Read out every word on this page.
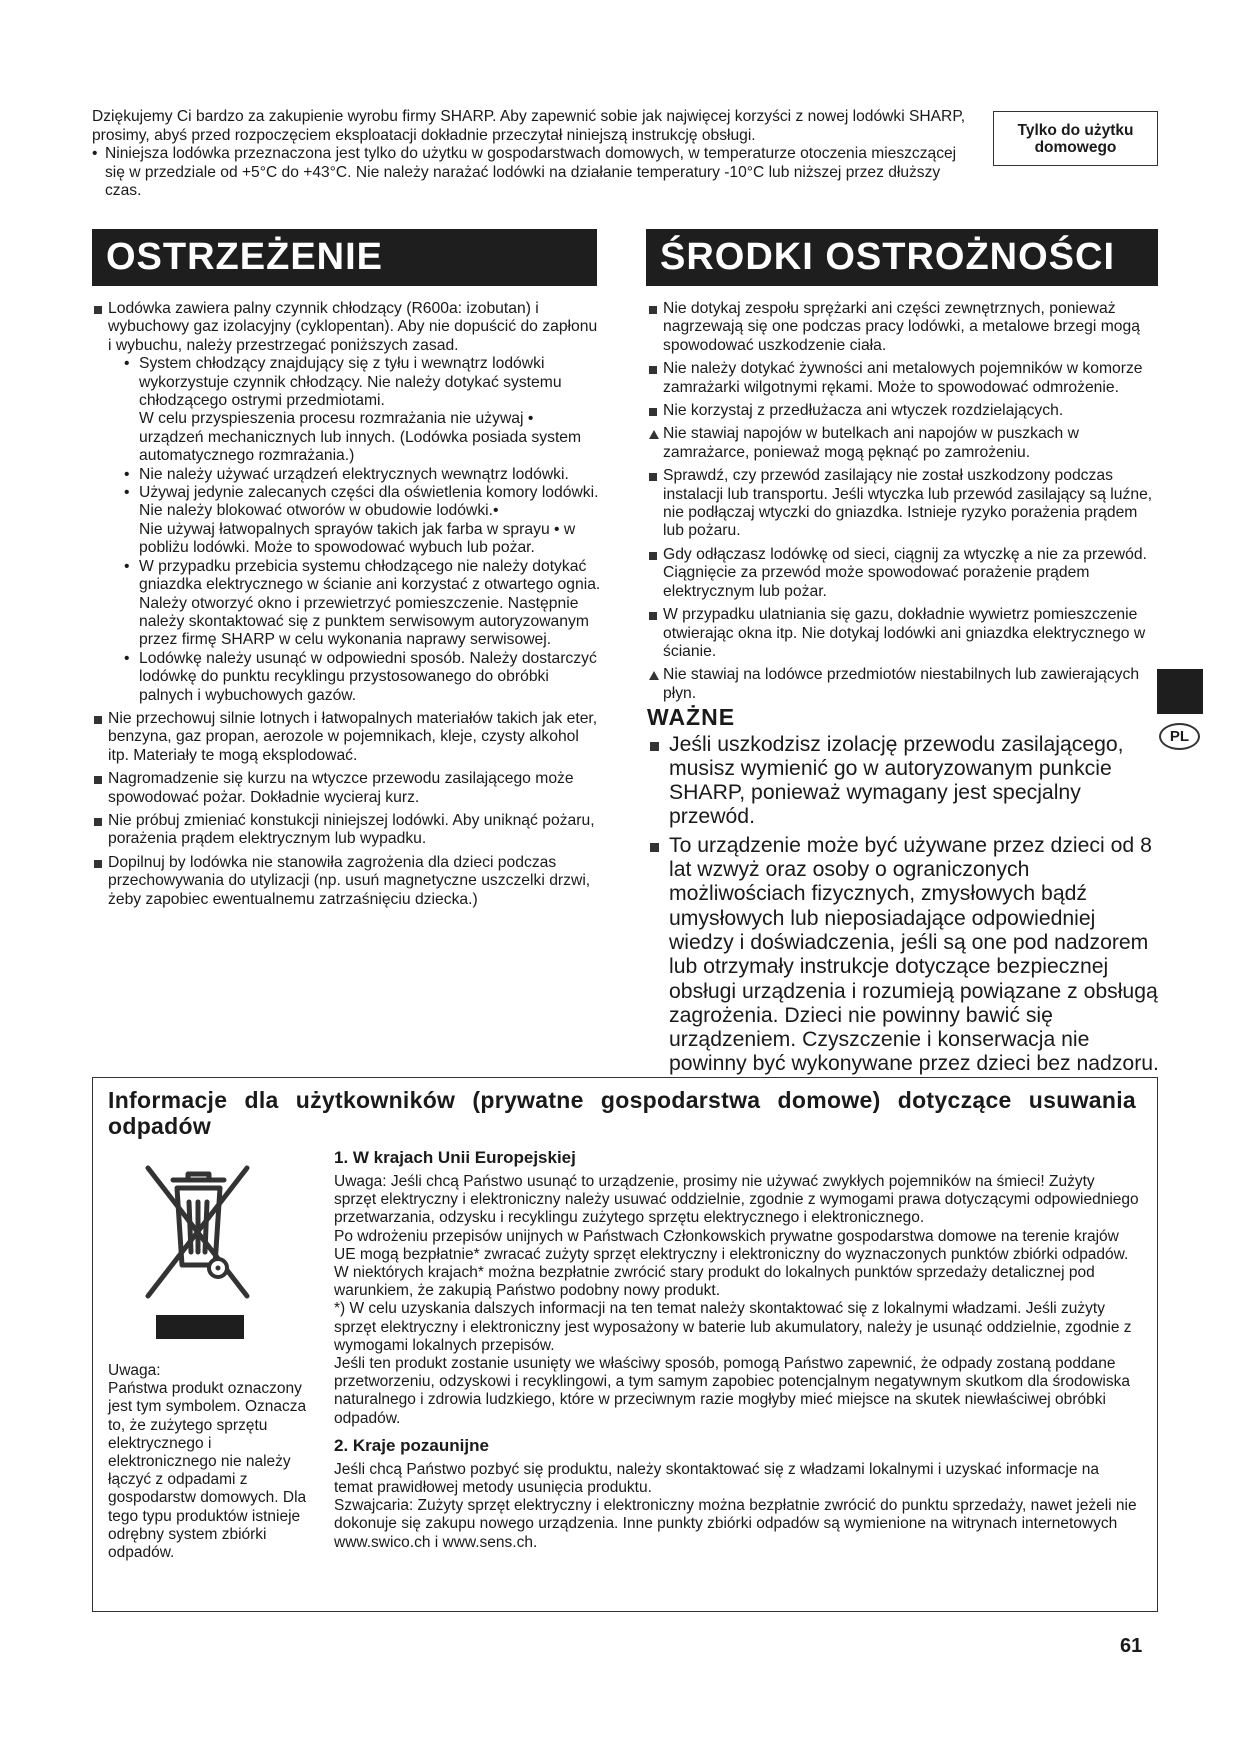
Dziękujemy Ci bardzo za zakupienie wyrobu firmy SHARP. Aby zapewnić sobie jak najwięcej korzyści z nowej lodówki SHARP, prosimy, abyś przed rozpoczęciem eksploatacji dokładnie przeczytał niniejszą instrukcję obsługi.

• Niniejsza lodówka przeznaczona jest tylko do użytku w gospodarstwach domowych, w temperaturze otoczenia mieszczącej się w przedziale od +5°C do +43°C. Nie należy narażać lodówki na działanie temperatury -10°C lub niższej przez dłuższy czas.

Tylko do użytku domowego
OSTRZEŻENIE	ŚRODKI OSTROŻNOŚCI
Lodówka zawiera palny czynnik chłodzący (R600a: izobutan) i wybuchowy gaz izolacyjny (cyklopentan). Aby nie dopuścić do zapłonu i wybuchu, należy przestrzegać poniższych zasad.
• System chłodzący znajdujący się z tyłu i wewnątrz lodówki wykorzystuje czynnik chłodzący. Nie należy dotykać systemu chłodzącego ostrymi przedmiotami.
W celu przyspieszenia procesu rozmrażania nie używaj • urządzeń mechanicznych lub innych. (Lodówka posiada system automatycznego rozmrażania.)
• Nie należy używać urządzeń elektrycznych wewnątrz lodówki.
• Używaj jedynie zalecanych części dla oświetlenia komory lodówki.
Nie należy blokować otworów w obudowie lodówki.•
Nie używaj łatwopalnych sprayów takich jak farba w sprayu • w pobliżu lodówki. Może to spowodować wybuch lub pożar.
• W przypadku przebicia systemu chłodzącego nie należy dotykać gniazdka elektrycznego w ścianie ani korzystać z otwartego ognia. Należy otworzyć okno i przewietrzyć pomieszczenie. Następnie należy skontaktować się z punktem serwisowym autoryzowanym przez firmę SHARP w celu wykonania naprawy serwisowej.
• Lodówkę należy usunąć w odpowiedni sposób. Należy dostarczyć lodówkę do punktu recyklingu przystosowanego do obróbki palnych i wybuchowych gazów.
Nie przechowuj silnie lotnych i łatwopalnych materiałów takich jak eter, benzyna, gaz propan, aerozole w pojemnikach, kleje, czysty alkohol itp. Materiały te mogą eksplodować.
Nagromadzenie się kurzu na wtyczce przewodu zasilającego może spowodować pożar. Dokładnie wycieraj kurz.
Nie próbuj zmieniać konstukcji niniejszej lodówki. Aby uniknąć pożaru, porażenia prądem elektrycznym lub wypadku.
Dopilnuj by lodówka nie stanowiła zagrożenia dla dzieci podczas przechowywania do utylizacji (np. usuń magnetyczne uszczelki drzwi, żeby zapobiec ewentualnemu zatrzaśnięciu dziecka.)
Nie dotykaj zespołu sprężarki ani części zewnętrznych, ponieważ nagrzewają się one podczas pracy lodówki, a metalowe brzegi mogą spowodować uszkodzenie ciała.
Nie należy dotykać żywności ani metalowych pojemników w komorze zamrażarki wilgotnymi rękami. Może to spowodować odmrożenie.
Nie korzystaj z przedłużacza ani wtyczek rozdzielających.
Nie stawiaj napojów w butelkach ani napojów w puszkach w zamrażarce, ponieważ mogą pęknąć po zamrożeniu.
Sprawdź, czy przewód zasilający nie został uszkodzony podczas instalacji lub transportu. Jeśli wtyczka lub przewód zasilający są luźne, nie podłączaj wtyczki do gniazdka. Istnieje ryzyko porażenia prądem lub pożaru.
Gdy odłączasz lodówkę od sieci, ciągnij za wtyczkę a nie za przewód. Ciągnięcie za przewód może spowodować porażenie prądem elektrycznym lub pożar.
W przypadku ulatniania się gazu, dokładnie wywietrz pomieszczenie otwierając okna itp. Nie dotykaj lodówki ani gniazdka elektrycznego w ścianie.
Nie stawiaj na lodówce przedmiotów niestabilnych lub zawierających płyn.
WAŻNE
Jeśli uszkodzisz izolację przewodu zasilającego, musisz wymienić go w autoryzowanym punkcie SHARP, ponieważ wymagany jest specjalny przewód.
To urządzenie może być używane przez dzieci od 8 lat wzwyż oraz osoby o ograniczonych możliwościach fizycznych, zmysłowych bądź umysłowych lub nieposiadające odpowiedniej wiedzy i doświadczenia, jeśli są one pod nadzorem lub otrzymały instrukcje dotyczące bezpiecznej obsługi urządzenia i rozumieją powiązane z obsługą zagrożenia. Dzieci nie powinny bawić się urządzeniem. Czyszczenie i konserwacja nie powinny być wykonywane przez dzieci bez nadzoru.
PL
Informacje dla użytkowników (prywatne gospodarstwa domowe) dotyczące usuwania odpadów

Uwaga:

Państwa produkt oznaczony jest tym symbolem. Oznacza to, że zużytego sprzętu elektrycznego i elektronicznego nie należy łączyć z odpadami z gospodarstw domowych. Dla tego typu produktów istnieje odrębny system zbiórki odpadów.

1. W krajach Unii Europejskiej

Uwaga: Jeśli chcą Państwo usunąć to urządzenie, prosimy nie używać zwykłych pojemników na śmieci! Zużyty sprzęt elektryczny i elektroniczny należy usuwać oddzielnie, zgodnie z wymogami prawa dotyczącymi odpowiedniego przetwarzania, odzysku i recyklingu zużytego sprzętu elektrycznego i elektronicznego.

Po wdrożeniu przepisów unijnych w Państwach Członkowskich prywatne gospodarstwa domowe na terenie krajów UE mogą bezpłatnie* zwracać zużyty sprzęt elektryczny i elektroniczny do wyznaczonych punktów zbiórki odpadów. W niektórych krajach* można bezpłatnie zwrócić stary produkt do lokalnych punktów sprzedaży detalicznej pod warunkiem, że zakupią Państwo podobny nowy produkt.

*) W celu uzyskania dalszych informacji na ten temat należy skontaktować się z lokalnymi władzami. Jeśli zużyty sprzęt elektryczny i elektroniczny jest wyposażony w baterie lub akumulatory, należy je usunąć oddzielnie, zgodnie z wymogami lokalnych przepisów.

Jeśli ten produkt zostanie usunięty we właściwy sposób, pomogą Państwo zapewnić, że odpady zostaną poddane przetworzeniu, odzyskowi i recyklingowi, a tym samym zapobiec potencjalnym negatywnym skutkom dla środowiska naturalnego i zdrowia ludzkiego, które w przeciwnym razie mogłyby mieć miejsce na skutek niewłaściwej obróbki odpadów.

2. Kraje pozaunijne

Jeśli chcą Państwo pozbyć się produktu, należy skontaktować się z władzami lokalnymi i uzyskać informacje na temat prawidłowej metody usunięcia produktu.

Szwajcaria: Zużyty sprzęt elektryczny i elektroniczny można bezpłatnie zwrócić do punktu sprzedaży, nawet jeżeli nie dokonuje się zakupu nowego urządzenia. Inne punkty zbiórki odpadów są wymienione na witrynach internetowych www.swico.ch i www.sens.ch.

61
